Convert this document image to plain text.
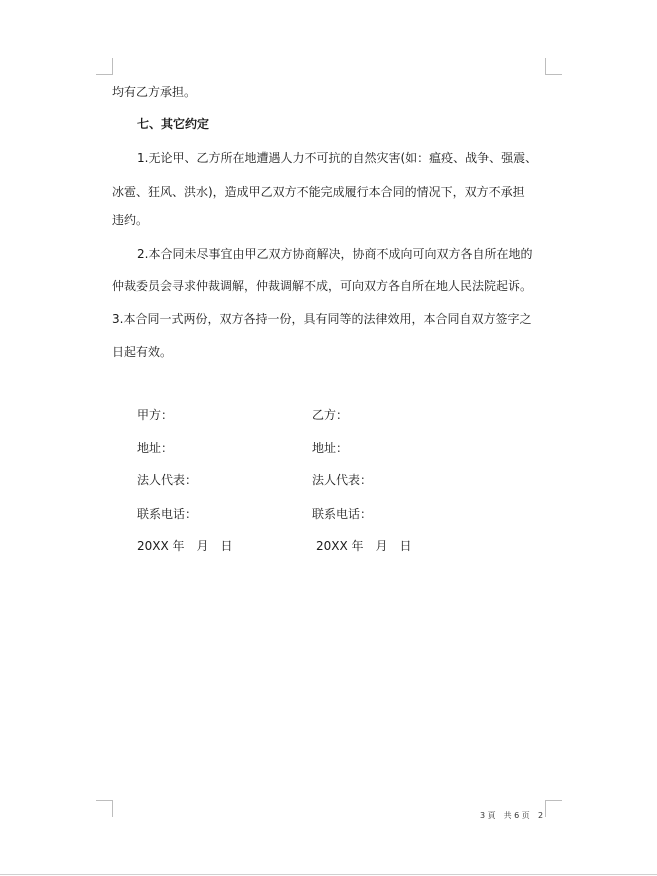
均有乙方承担。

七、其它约定

1.无论甲、乙方所在地遭遇人力不可抗的自然灾害(如：瘟疫、战争、强震、

冰雹、狂风、洪水)，造成甲乙双方不能完成履行本合同的情况下，双方不承担

违约。

2.本合同未尽事宜由甲乙双方协商解决，协商不成向可向双方各自所在地的

仲裁委员会寻求仲裁调解，仲裁调解不成，可向双方各自所在地人民法院起诉。

3.本合同一式两份，双方各持一份，具有同等的法律效用，本合同自双方签字之

日起有效。

甲方：
地址：
法人代表：
联系电话：
20XX 年　月　日
乙方：
地址：
法人代表：
联系电话：
20XX 年　月　日
3 頁　共 6 页 2
